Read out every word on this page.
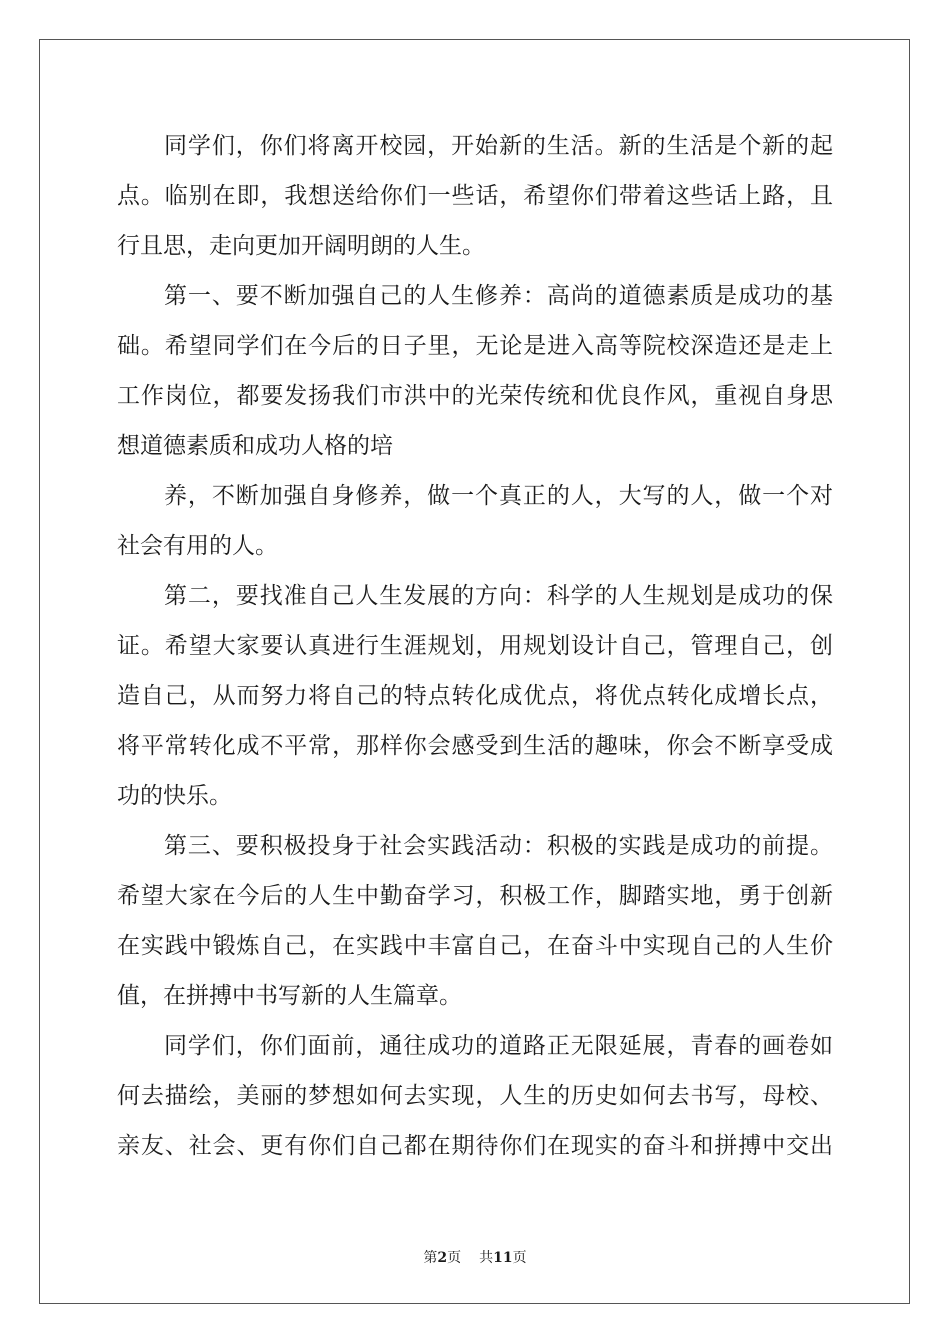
同学们，你们将离开校园，开始新的生活。新的生活是个新的起
点。临别在即，我想送给你们一些话，希望你们带着这些话上路，且
行且思，走向更加开阔明朗的人生。
第一、要不断加强自己的人生修养：高尚的道德素质是成功的基
础。希望同学们在今后的日子里，无论是进入高等院校深造还是走上
工作岗位，都要发扬我们市洪中的光荣传统和优良作风，重视自身思
想道德素质和成功人格的培
养，不断加强自身修养，做一个真正的人，大写的人，做一个对
社会有用的人。
第二，要找准自己人生发展的方向：科学的人生规划是成功的保
证。希望大家要认真进行生涯规划，用规划设计自己，管理自己，创
造自己，从而努力将自己的特点转化成优点，将优点转化成增长点，
将平常转化成不平常，那样你会感受到生活的趣味，你会不断享受成
功的快乐。
第三、要积极投身于社会实践活动：积极的实践是成功的前提。
希望大家在今后的人生中勤奋学习，积极工作，脚踏实地，勇于创新
在实践中锻炼自己，在实践中丰富自己，在奋斗中实现自己的人生价
值，在拼搏中书写新的人生篇章。
同学们，你们面前，通往成功的道路正无限延展，青春的画卷如
何去描绘，美丽的梦想如何去实现，人生的历史如何去书写，母校、
亲友、社会、更有你们自己都在期待你们在现实的奋斗和拼搏中交出
第2页 共11页
